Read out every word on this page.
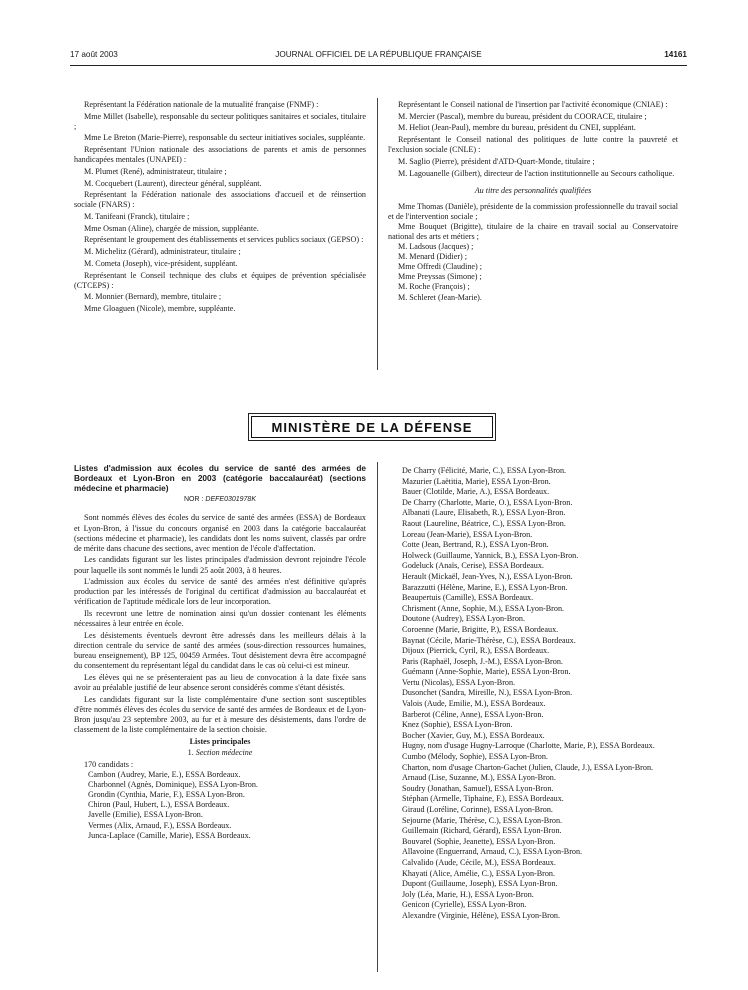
17 août 2003	JOURNAL OFFICIEL DE LA RÉPUBLIQUE FRANÇAISE	14161

Représentant la Fédération nationale de la mutualité française (FNMF) :

Mme Millet (Isabelle), responsable du secteur politiques sanitaires et sociales, titulaire ;

Mme Le Breton (Marie-Pierre), responsable du secteur initiatives sociales, suppléante.

Représentant l'Union nationale des associations de parents et amis de personnes handicapées mentales (UNAPEI) :

M. Plumet (René), administrateur, titulaire ;

M. Cocquebert (Laurent), directeur général, suppléant.

Représentant la Fédération nationale des associations d'accueil et de réinsertion sociale (FNARS) :

M. Tanifeani (Franck), titulaire ;

Mme Osman (Aline), chargée de mission, suppléante.

Représentant le groupement des établissements et services publics sociaux (GEPSO) :

M. Michelitz (Gérard), administrateur, titulaire ;

M. Cometa (Joseph), vice-président, suppléant.

Représentant le Conseil technique des clubs et équipes de prévention spécialisée (CTCEPS) :

M. Monnier (Bernard), membre, titulaire ;

Mme Gloaguen (Nicole), membre, suppléante.

Représentant le Conseil national de l'insertion par l'activité économique (CNIAE) :

M. Mercier (Pascal), membre du bureau, président du COORACE, titulaire ;

M. Heliot (Jean-Paul), membre du bureau, président du CNEI, suppléant.

Représentant le Conseil national des politiques de lutte contre la pauvreté et l'exclusion sociale (CNLE) :

M. Saglio (Pierre), président d'ATD-Quart-Monde, titulaire ;

M. Lagouanelle (Gilbert), directeur de l'action institutionnelle au Secours catholique.

Au titre des personnalités qualifiées

Mme Thomas (Danièle), présidente de la commission professionnelle du travail social et de l'intervention sociale ;

Mme Bouquet (Brigitte), titulaire de la chaire en travail social au Conservatoire national des arts et métiers ;

M. Ladsous (Jacques) ;

M. Menard (Didier) ;

Mme Offredi (Claudine) ;

Mme Preyssas (Simone) ;

M. Roche (François) ;

M. Schleret (Jean-Marie).

MINISTÈRE DE LA DÉFENSE
Listes d'admission aux écoles du service de santé des armées de Bordeaux et Lyon-Bron en 2003 (catégorie baccalauréat) (sections médecine et pharmacie)
NOR : DEFE0301978K

Sont nommés élèves des écoles du service de santé des armées (ESSA) de Bordeaux et Lyon-Bron, à l'issue du concours organisé en 2003 dans la catégorie baccalauréat (sections médecine et pharmacie), les candidats dont les noms suivent, classés par ordre de mérite dans chacune des sections, avec mention de l'école d'affectation.

Les candidats figurant sur les listes principales d'admission devront rejoindre l'école pour laquelle ils sont nommés le lundi 25 août 2003, à 8 heures.

L'admission aux écoles du service de santé des armées n'est définitive qu'après production par les intéressés de l'original du certificat d'admission au baccalauréat et vérification de l'aptitude médicale lors de leur incorporation.

Ils recevront une lettre de nomination ainsi qu'un dossier contenant les éléments nécessaires à leur entrée en école.

Les désistements éventuels devront être adressés dans les meilleurs délais à la direction centrale du service de santé des armées (sous-direction ressources humaines, bureau enseignement), BP 125, 00459 Armées. Tout désistement devra être accompagné du consentement du représentant légal du candidat dans le cas où celui-ci est mineur.

Les élèves qui ne se présenteraient pas au lieu de convocation à la date fixée sans avoir au préalable justifié de leur absence seront considérés comme s'étant désistés.

Les candidats figurant sur la liste complémentaire d'une section sont susceptibles d'être nommés élèves des écoles du service de santé des armées de Bordeaux et de Lyon-Bron jusqu'au 23 septembre 2003, au fur et à mesure des désistements, dans l'ordre de classement de la liste complémentaire de la section choisie.

Listes principales

1. Section médecine

170 candidats :

Cambon (Audrey, Marie, E.), ESSA Bordeaux.

Charbonnel (Agnès, Dominique), ESSA Lyon-Bron.

Grondin (Cynthia, Marie, F.), ESSA Lyon-Bron.

Chiron (Paul, Hubert, L.), ESSA Bordeaux.

Javelle (Emilie), ESSA Lyon-Bron.

Vermes (Alix, Arnaud, F.), ESSA Bordeaux.

Junca-Laplace (Camille, Marie), ESSA Bordeaux.

De Charry (Félicité, Marie, C.), ESSA Lyon-Bron.

Mazurier (Laëtitia, Marie), ESSA Lyon-Bron.

Bauer (Clotilde, Marie, A.), ESSA Bordeaux.

De Charry (Charlotte, Marie, O.), ESSA Lyon-Bron.

Albanati (Laure, Elisabeth, R.), ESSA Lyon-Bron.

Raout (Laureline, Béatrice, C.), ESSA Lyon-Bron.

Loreau (Jean-Marie), ESSA Lyon-Bron.

Cotte (Jean, Bertrand, R.), ESSA Lyon-Bron.

Holweck (Guillaume, Yannick, B.), ESSA Lyon-Bron.

Godeluck (Anaïs, Cerise), ESSA Bordeaux.

Herault (Mickaël, Jean-Yves, N.), ESSA Lyon-Bron.

Barazzutti (Hélène, Marine, E.), ESSA Lyon-Bron.

Beaupertuis (Camille), ESSA Bordeaux.

Chrisment (Anne, Sophie, M.), ESSA Lyon-Bron.

Doutone (Audrey), ESSA Lyon-Bron.

Coroenne (Marie, Brigitte, P.), ESSA Bordeaux.

Baynat (Cécile, Marie-Thérèse, C.), ESSA Bordeaux.

Dijoux (Pierrick, Cyril, R.), ESSA Bordeaux.

Paris (Raphaël, Joseph, J.-M.), ESSA Lyon-Bron.

Guémann (Anne-Sophie, Marie), ESSA Lyon-Bron.

Vertu (Nicolas), ESSA Lyon-Bron.

Dusonchet (Sandra, Mireille, N.), ESSA Lyon-Bron.

Valois (Aude, Emilie, M.), ESSA Bordeaux.

Barberot (Céline, Anne), ESSA Lyon-Bron.

Knez (Sophie), ESSA Lyon-Bron.

Bocher (Xavier, Guy, M.), ESSA Bordeaux.

Hugny, nom d'usage Hugny-Larroque (Charlotte, Marie, P.), ESSA Bordeaux.

Cumbo (Mélody, Sophie), ESSA Lyon-Bron.

Charton, nom d'usage Charton-Gachet (Julien, Claude, J.), ESSA Lyon-Bron.

Arnaud (Lise, Suzanne, M.), ESSA Lyon-Bron.

Soudry (Jonathan, Samuel), ESSA Lyon-Bron.

Stéphan (Armelle, Tiphaine, F.), ESSA Bordeaux.

Giraud (Loréline, Corinne), ESSA Lyon-Bron.

Sejourne (Marie, Thérèse, C.), ESSA Lyon-Bron.

Guillemain (Richard, Gérard), ESSA Lyon-Bron.

Bouvarel (Sophie, Jeanette), ESSA Lyon-Bron.

Allavoine (Enguerrand, Arnaud, C.), ESSA Lyon-Bron.

Calvalido (Aude, Cécile, M.), ESSA Bordeaux.

Khayati (Alice, Amélie, C.), ESSA Lyon-Bron.

Dupont (Guillaume, Joseph), ESSA Lyon-Bron.

Joly (Léa, Marie, H.), ESSA Lyon-Bron.

Genicon (Cyrielle), ESSA Lyon-Bron.

Alexandre (Virginie, Hélène), ESSA Lyon-Bron.
